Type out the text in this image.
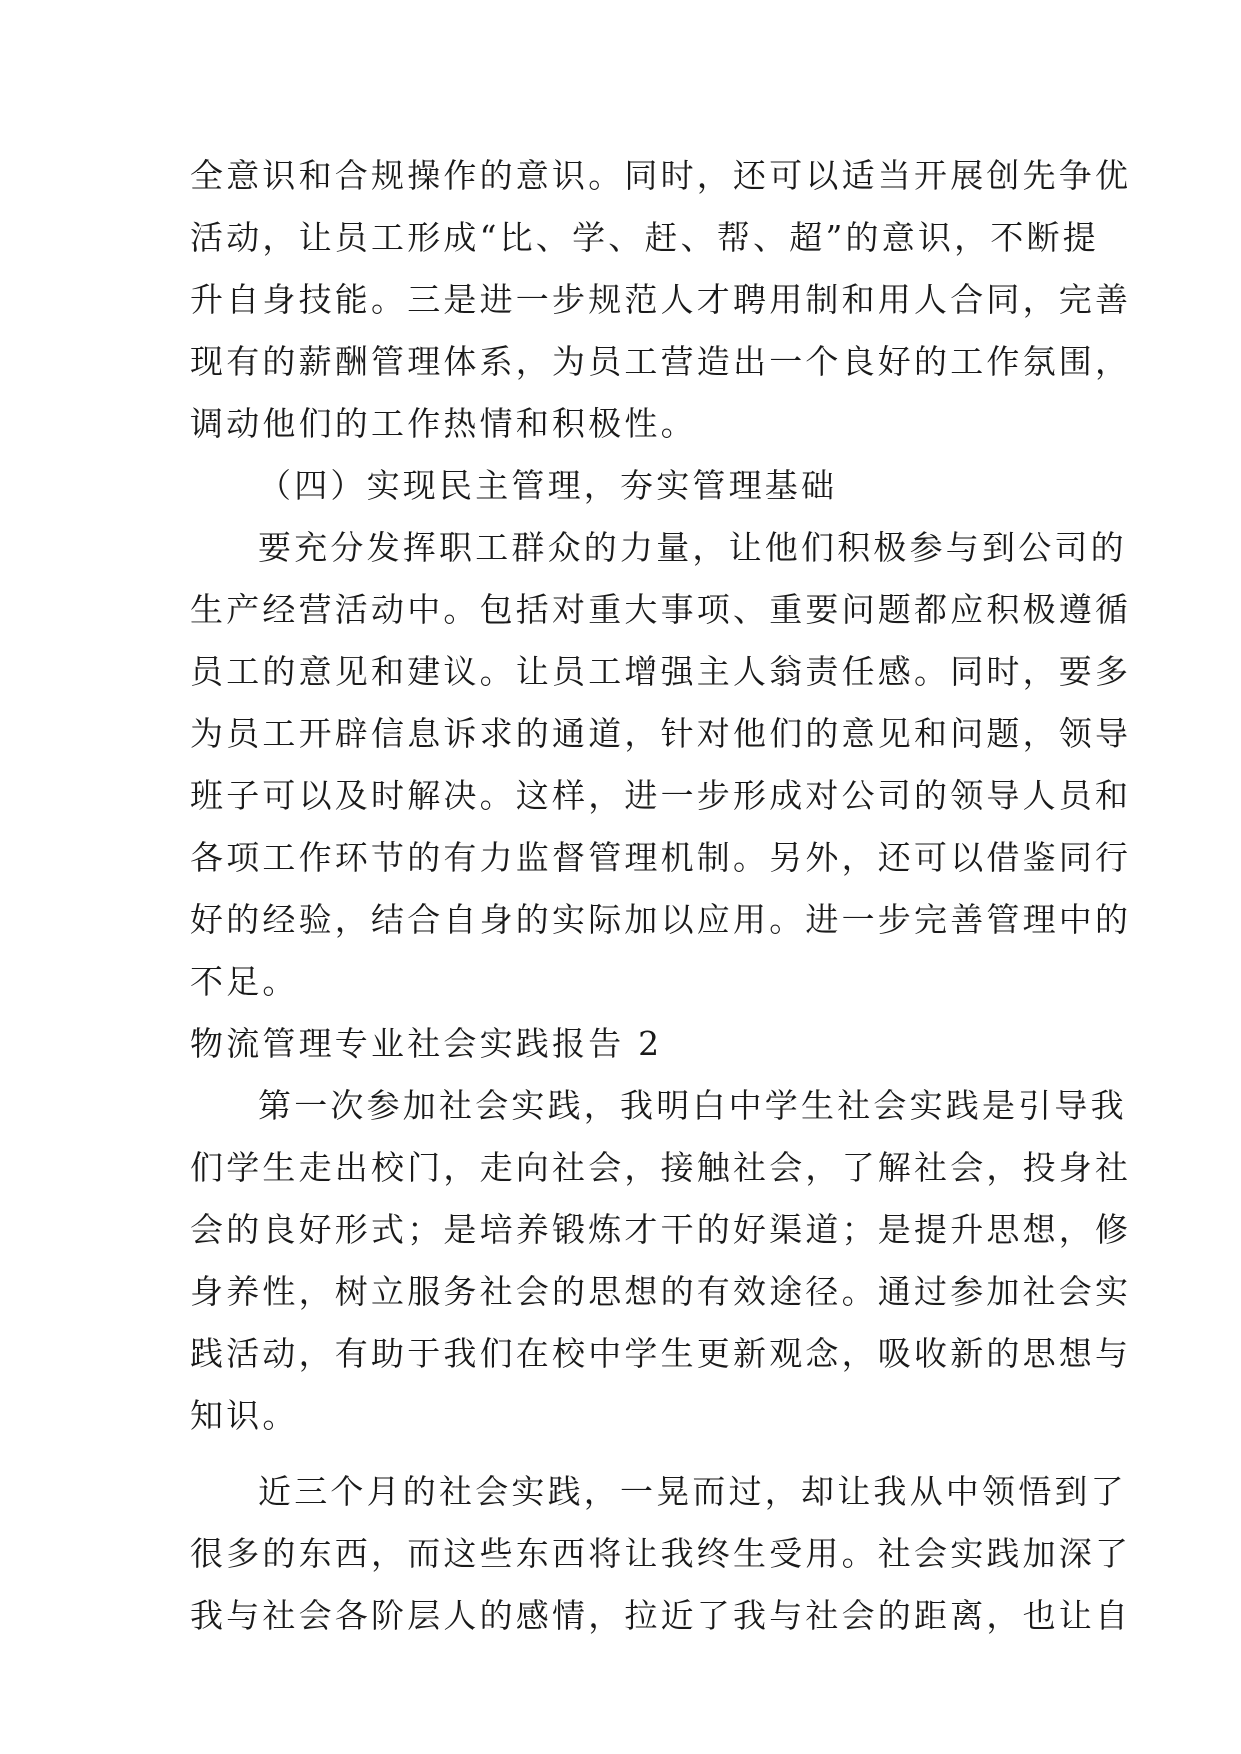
全意识和合规操作的意识。同时，还可以适当开展创先争优
活动，让员工形成“比、学、赶、帮、超”的意识，不断提
升自身技能。三是进一步规范人才聘用制和用人合同，完善
现有的薪酬管理体系，为员工营造出一个良好的工作氛围，
调动他们的工作热情和积极性。
（四）实现民主管理，夯实管理基础
要充分发挥职工群众的力量，让他们积极参与到公司的
生产经营活动中。包括对重大事项、重要问题都应积极遵循
员工的意见和建议。让员工增强主人翁责任感。同时，要多
为员工开辟信息诉求的通道，针对他们的意见和问题，领导
班子可以及时解决。这样，进一步形成对公司的领导人员和
各项工作环节的有力监督管理机制。另外，还可以借鉴同行
好的经验，结合自身的实际加以应用。进一步完善管理中的
不足。
物流管理专业社会实践报告 2
第一次参加社会实践，我明白中学生社会实践是引导我
们学生走出校门，走向社会，接触社会，了解社会，投身社
会的良好形式；是培养锻炼才干的好渠道；是提升思想，修
身养性，树立服务社会的思想的有效途径。通过参加社会实
践活动，有助于我们在校中学生更新观念，吸收新的思想与
知识。
近三个月的社会实践，一晃而过，却让我从中领悟到了
很多的东西，而这些东西将让我终生受用。社会实践加深了
我与社会各阶层人的感情，拉近了我与社会的距离，也让自
